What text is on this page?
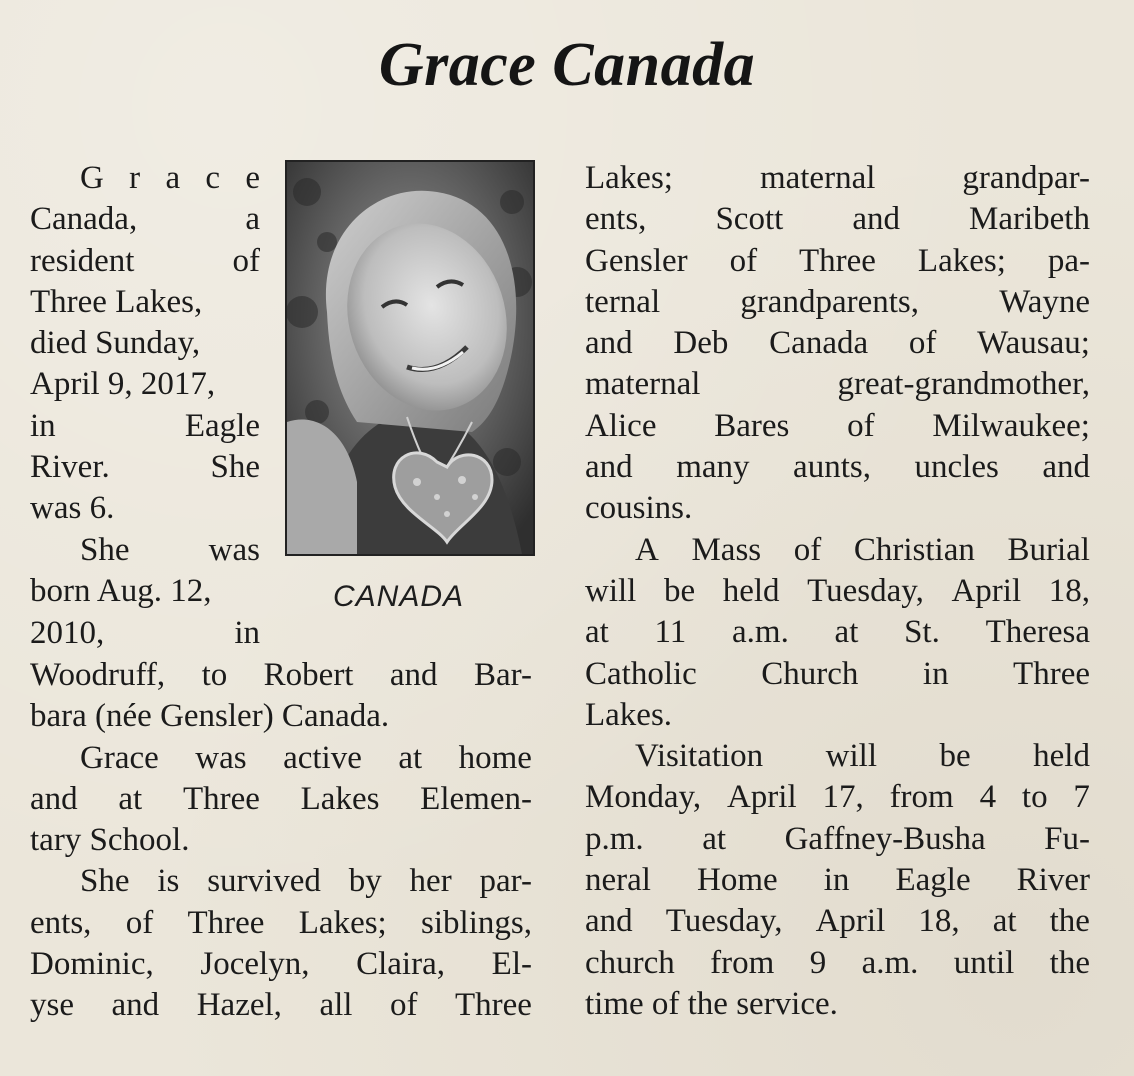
Grace Canada
CANADA
G r a c e
Canada,	a
resident	of
Three Lakes,
died Sunday,
April 9, 2017,
in	Eagle
River.	She
was 6.
She was
born Aug. 12,
2010,	in
Woodruff, to Robert and Bar-
bara (née Gensler) Canada.
Grace was active at home
and at Three Lakes Elemen-
tary School.
She is survived by her par-
ents, of Three Lakes; siblings,
Dominic, Jocelyn, Claira, El-
yse and Hazel, all of Three
Lakes;	maternal	grandpar-
ents, Scott and Maribeth
Gensler of Three Lakes; pa-
ternal grandparents, Wayne
and Deb Canada of Wausau;
maternal	great-grandmother,
Alice Bares of Milwaukee;
and many aunts, uncles and
cousins.
A Mass of Christian Burial
will be held Tuesday, April 18,
at 11 a.m. at St. Theresa
Catholic Church in Three
Lakes.
Visitation will be held
Monday, April 17, from 4 to 7
p.m. at Gaffney-Busha Fu-
neral Home in Eagle River
and Tuesday, April 18, at the
church from 9 a.m. until the
time of the service.
